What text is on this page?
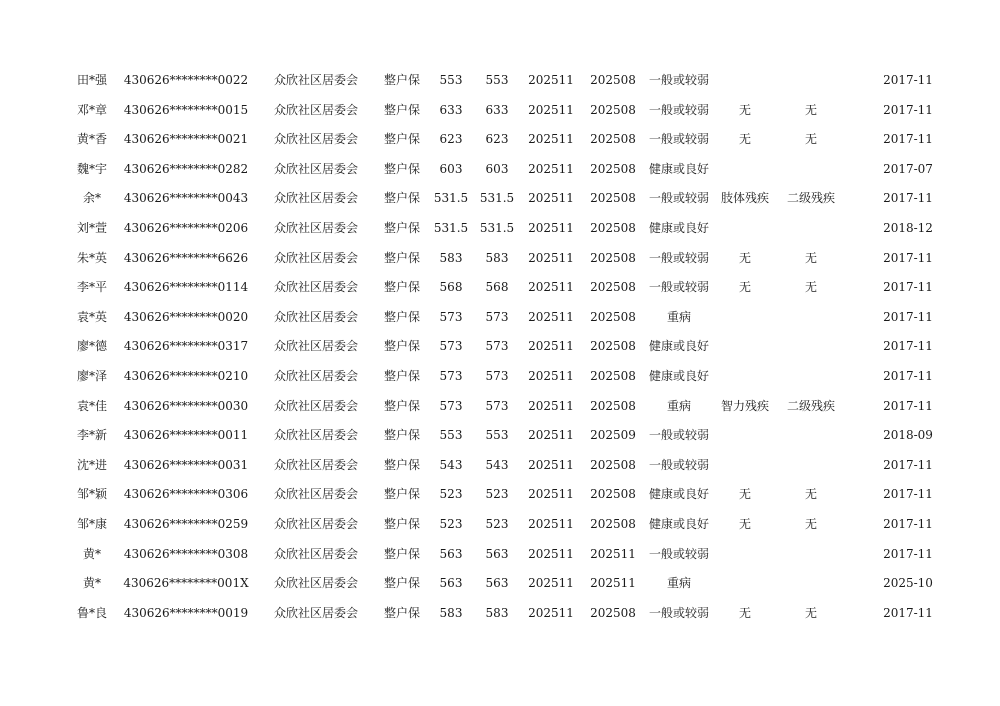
田*强	430626********0022	众欣社区居委会	整户保	553	553	202511	202508	一般或较弱				2017-11
邓*章	430626********0015	众欣社区居委会	整户保	633	633	202511	202508	一般或较弱	无	无		2017-11
黄*香	430626********0021	众欣社区居委会	整户保	623	623	202511	202508	一般或较弱	无	无		2017-11
魏*宇	430626********0282	众欣社区居委会	整户保	603	603	202511	202508	健康或良好				2017-07
余*	430626********0043	众欣社区居委会	整户保	531.5	531.5	202511	202508	一般或较弱	肢体残疾	二级残疾		2017-11
刘*萱	430626********0206	众欣社区居委会	整户保	531.5	531.5	202511	202508	健康或良好				2018-12
朱*英	430626********6626	众欣社区居委会	整户保	583	583	202511	202508	一般或较弱	无	无		2017-11
李*平	430626********0114	众欣社区居委会	整户保	568	568	202511	202508	一般或较弱	无	无		2017-11
袁*英	430626********0020	众欣社区居委会	整户保	573	573	202511	202508	重病				2017-11
廖*德	430626********0317	众欣社区居委会	整户保	573	573	202511	202508	健康或良好				2017-11
廖*泽	430626********0210	众欣社区居委会	整户保	573	573	202511	202508	健康或良好				2017-11
袁*佳	430626********0030	众欣社区居委会	整户保	573	573	202511	202508	重病	智力残疾	二级残疾		2017-11
李*新	430626********0011	众欣社区居委会	整户保	553	553	202511	202509	一般或较弱				2018-09
沈*进	430626********0031	众欣社区居委会	整户保	543	543	202511	202508	一般或较弱				2017-11
邹*颖	430626********0306	众欣社区居委会	整户保	523	523	202511	202508	健康或良好	无	无		2017-11
邹*康	430626********0259	众欣社区居委会	整户保	523	523	202511	202508	健康或良好	无	无		2017-11
黄*	430626********0308	众欣社区居委会	整户保	563	563	202511	202511	一般或较弱				2017-11
黄*	430626********001X	众欣社区居委会	整户保	563	563	202511	202511	重病				2025-10
鲁*良	430626********0019	众欣社区居委会	整户保	583	583	202511	202508	一般或较弱	无	无		2017-11
